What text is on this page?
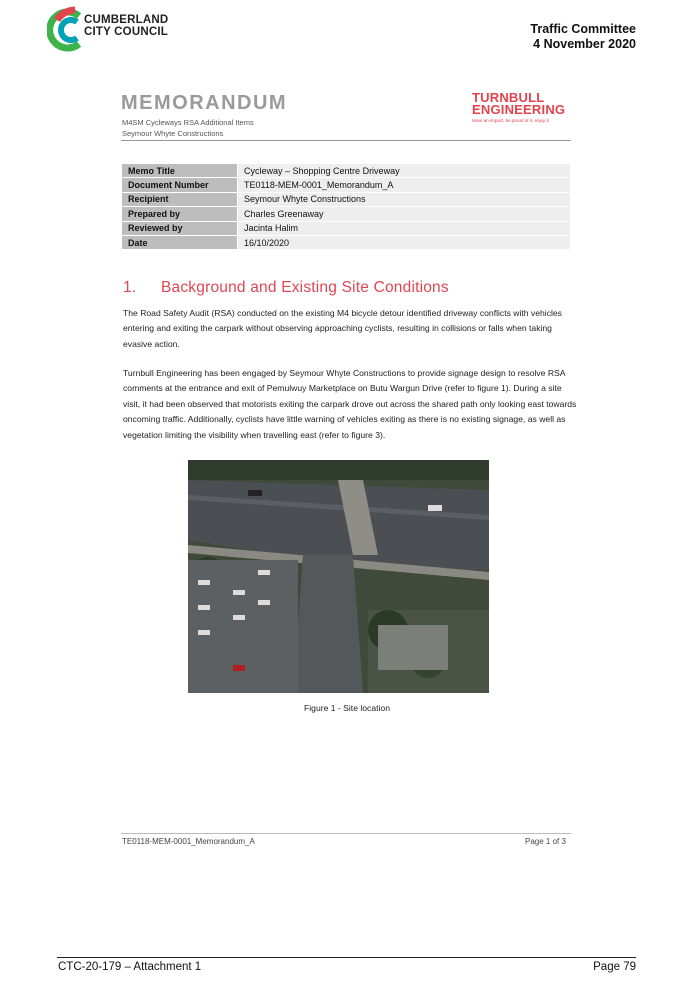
CUMBERLAND
CITY COUNCIL	Traffic Committee
4 November 2020
MEMORANDUM
M4SM Cycleways RSA Additional Items
Seymour Whyte Constructions
TURNBULL
ENGINEERING
Have an impact, be proud of it, enjoy it
Memo Title	Cycleway – Shopping Centre Driveway
Document Number	TE0118-MEM-0001_Memorandum_A
Recipient	Seymour Whyte Constructions
Prepared by	Charles Greenaway
Reviewed by	Jacinta Halim
Date	16/10/2020
1. Background and Existing Site Conditions
The Road Safety Audit (RSA) conducted on the existing M4 bicycle detour identified driveway conflicts with vehicles entering and exiting the carpark without observing approaching cyclists, resulting in collisions or falls when taking evasive action.
Turnbull Engineering has been engaged by Seymour Whyte Constructions to provide signage design to resolve RSA comments at the entrance and exit of Pemulwuy Marketplace on Butu Wargun Drive (refer to figure 1). During a site visit, it had been observed that motorists exiting the carpark drove out across the shared path only looking east towards oncoming traffic. Additionally, cyclists have little warning of vehicles exiting as there is no existing signage, as well as vegetation limiting the visibility when travelling east (refer to figure 3).
Figure 1 - Site location
TE0118-MEM-0001_Memorandum_A	Page 1 of 3
CTC-20-179 – Attachment 1	Page 79
